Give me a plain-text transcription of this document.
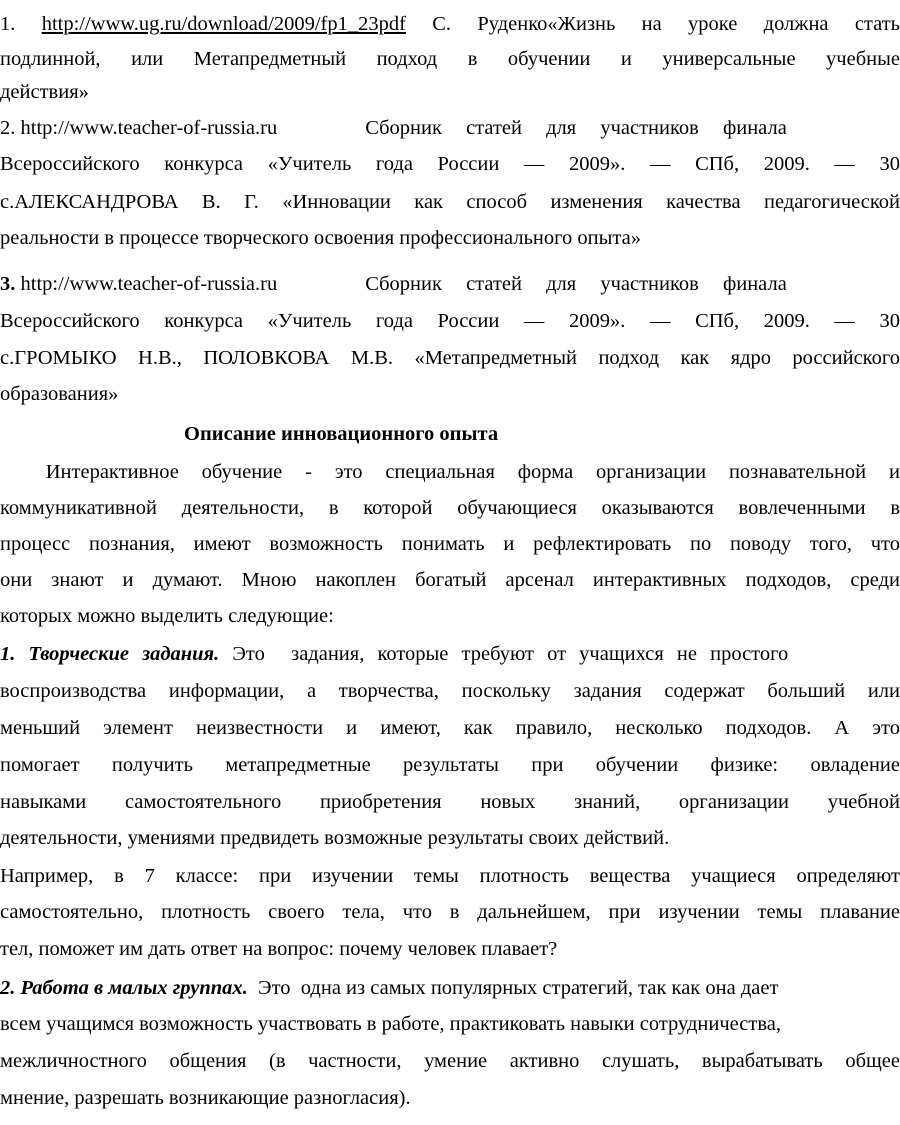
1. http://www.ug.ru/download/2009/fp1_23pdf С. Руденко«Жизнь на уроке должна стать
подлинной, или Метапредметный подход в обучении и универсальные учебные
действия»
2. http://www.teacher-of-russia.ru	Сборник статей для участников финала
Всероссийского конкурса «Учитель года России — 2009». — СПб, 2009. — 30
с.АЛЕКСАНДРОВА В. Г. «Инновации как способ изменения качества педагогической
реальности в процессе творческого освоения профессионального опыта»
3. http://www.teacher-of-russia.ru	Сборник статей для участников финала
Всероссийского конкурса «Учитель года России — 2009». — СПб, 2009. — 30
с.ГРОМЫКО Н.В., ПОЛОВКОВА М.В. «Метапредметный подход как ядро российского
образования»
Описание инновационного опыта
Интерактивное обучение - это специальная форма организации познавательной и
коммуникативной деятельности, в которой обучающиеся оказываются вовлеченными в
процесс познания, имеют возможность понимать и рефлектировать по поводу того, что
они знают и думают. Мною накоплен богатый арсенал интерактивных подходов, среди
которых можно выделить следующие:
1. Творческие задания. Это  задания, которые требуют от учащихся не простого
воспроизводства информации, а творчества, поскольку задания содержат больший или
меньший элемент неизвестности и имеют, как правило, несколько подходов. А это
помогает получить метапредметные результаты при обучении физике: овладение
навыками самостоятельного приобретения новых знаний, организации учебной
деятельности, умениями предвидеть возможные результаты своих действий.
Например, в 7 классе: при изучении темы плотность вещества учащиеся определяют
самостоятельно, плотность своего тела, что в дальнейшем, при изучении темы плавание
тел, поможет им дать ответ на вопрос: почему человек плавает?
2. Работа в малых группах.  Это  одна из самых популярных стратегий, так как она дает
всем учащимся возможность участвовать в работе, практиковать навыки сотрудничества,
межличностного общения (в частности, умение активно слушать, вырабатывать общее
мнение, разрешать возникающие разногласия).
